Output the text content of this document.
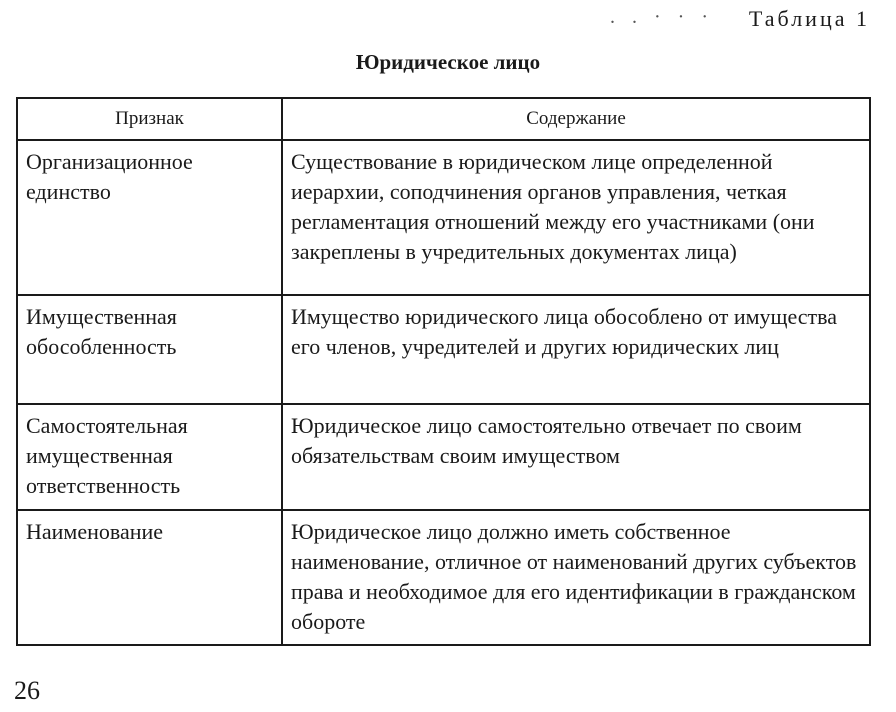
. . · · · Таблица 1
Юридическое лицо
Признак	Содержание
Организационное единство	Существование в юридическом лице определенной иерархии, соподчинения органов управления, четкая регламентация отношений между его участниками (они закреплены в учредительных документах лица)
Имущественная обособленность	Имущество юридического лица обособлено от имущества его членов, учредителей и других юридических лиц
Самостоятельная имущественная ответственность	Юридическое лицо самостоятельно отвечает по своим обязательствам своим имуществом
Наименование	Юридическое лицо должно иметь собственное наименование, отличное от наименований других субъектов права и необходимое для его идентификации в гражданском обороте
26
